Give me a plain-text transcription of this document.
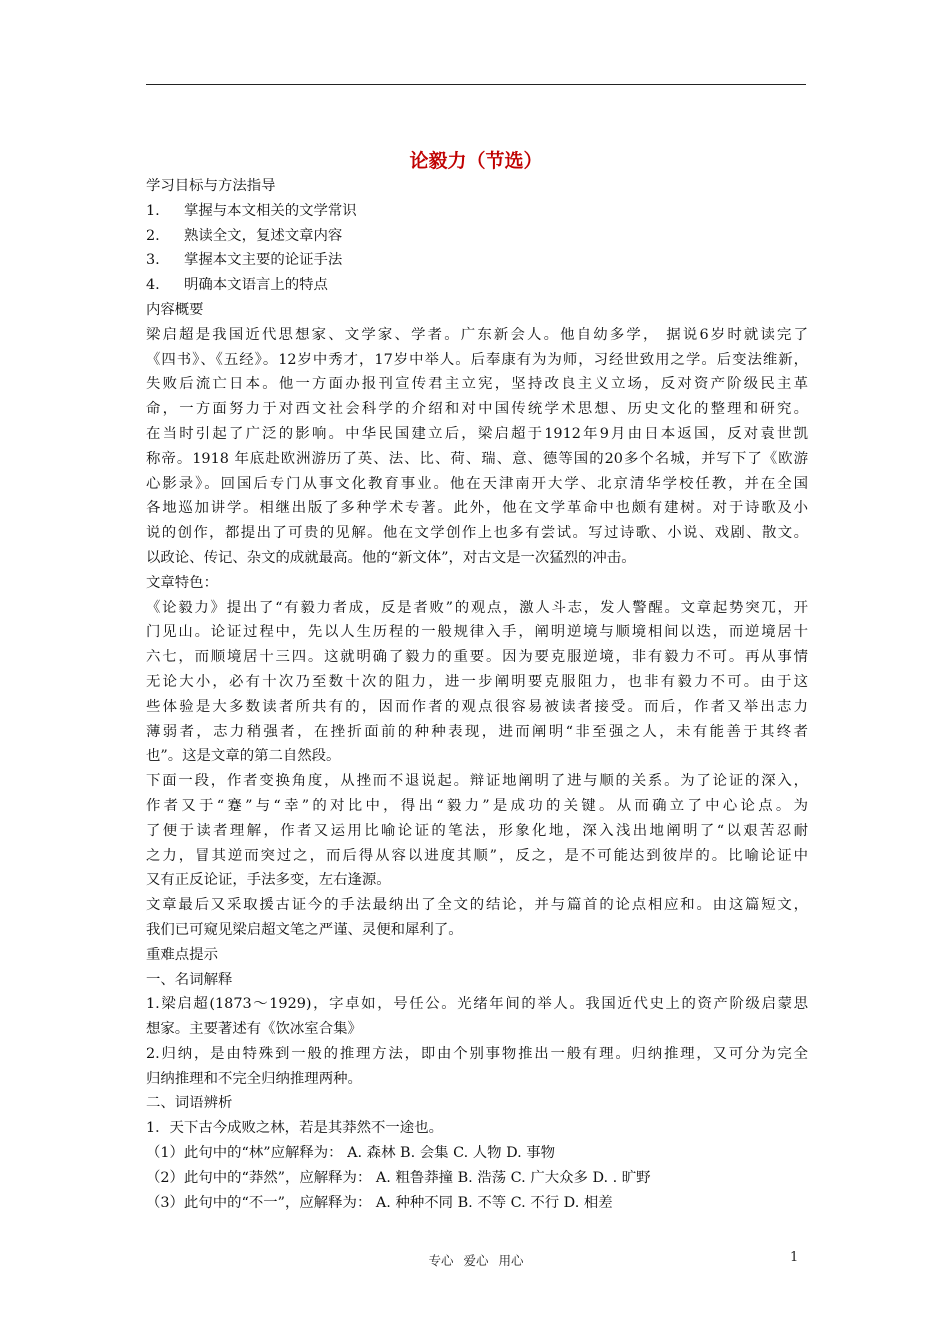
论毅力（节选）
学习目标与方法指导
1. 掌握与本文相关的文学常识
2. 熟读全文，复述文章内容
3. 掌握本文主要的论证手法
4. 明确本文语言上的特点
内容概要
梁启超是我国近代思想家、文学家、学者。广东新会人。他自幼多学， 据说6岁时就读完了
《四书》、《五经》。12岁中秀才，17岁中举人。后奉康有为为师，习经世致用之学。后变法维新，
失败后流亡日本。他一方面办报刊宣传君主立宪，坚持改良主义立场，反对资产阶级民主革
命，一方面努力于对西文社会科学的介绍和对中国传统学术思想、历史文化的整理和研究。
在当时引起了广泛的影响。中华民国建立后，梁启超于1912年9月由日本返国，反对袁世凯
称帝。1918 年底赴欧洲游历了英、法、比、荷、瑞、意、德等国的20多个名城，并写下了《欧游
心影录》。回国后专门从事文化教育事业。他在天津南开大学、北京清华学校任教，并在全国
各地巡加讲学。相继出版了多种学术专著。此外，他在文学革命中也颇有建树。对于诗歌及小
说的创作，都提出了可贵的见解。他在文学创作上也多有尝试。写过诗歌、小说、戏剧、散文。
以政论、传记、杂文的成就最高。他的“新文体”，对古文是一次猛烈的冲击。
文章特色：
《论毅力》提出了“有毅力者成，反是者败”的观点，激人斗志，发人警醒。文章起势突兀，开
门见山。论证过程中，先以人生历程的一般规律入手，阐明逆境与顺境相间以迭，而逆境居十
六七，而顺境居十三四。这就明确了毅力的重要。因为要克服逆境，非有毅力不可。再从事情
无论大小，必有十次乃至数十次的阻力，进一步阐明要克服阻力，也非有毅力不可。由于这
些体验是大多数读者所共有的，因而作者的观点很容易被读者接受。而后，作者又举出志力
薄弱者，志力稍强者，在挫折面前的种种表现，进而阐明“非至强之人，未有能善于其终者
也”。这是文章的第二自然段。
下面一段，作者变换角度，从挫而不退说起。辩证地阐明了进与顺的关系。为了论证的深入，
作者又于“蹇”与“幸”的对比中，得出“毅力”是成功的关键。从而确立了中心论点。为
了便于读者理解，作者又运用比喻论证的笔法，形象化地，深入浅出地阐明了“以艰苦忍耐
之力，冒其逆而突过之，而后得从容以进度其顺”，反之，是不可能达到彼岸的。比喻论证中
又有正反论证，手法多变，左右逢源。
文章最后又采取援古证今的手法最纳出了全文的结论，并与篇首的论点相应和。由这篇短文，
我们已可窥见梁启超文笔之严谨、灵便和犀利了。
重难点提示
一、名词解释
1.梁启超(1873～1929)，字卓如，号任公。光绪年间的举人。我国近代史上的资产阶级启蒙思
想家。主要著述有《饮冰室合集》
2.归纳，是由特殊到一般的推理方法，即由个别事物推出一般有理。归纳推理，又可分为完全
归纳推理和不完全归纳推理两种。
二、词语辨析
1．天下古今成败之林，若是其莽然不一途也。
（1）此句中的“林”应解释为： A. 森林 B. 会集 C. 人物 D. 事物
（2）此句中的“莽然”，应解释为： A. 粗鲁莽撞 B. 浩荡 C. 广大众多 D. . 旷野
（3）此句中的“不一”，应解释为： A. 种种不同 B. 不等 C. 不行 D. 相差
专心 爱心 用心	1
